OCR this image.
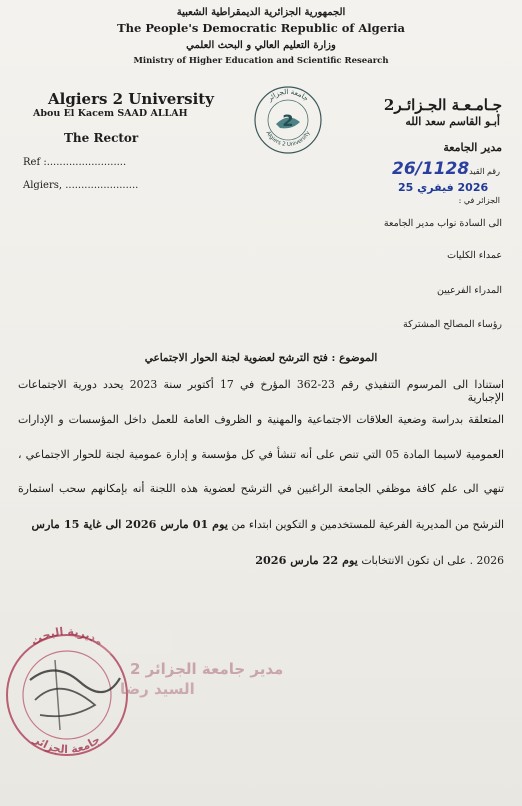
الجمهورية الجزائرية الديمقراطية الشعبية
The People's Democratic Republic of Algeria
وزارة التعليم العالي و البحث العلمي
Ministry of Higher Education and Scientific Research
Algiers 2 University
Abou El Kacem SAAD ALLAH
The Rector
Ref :.........................
Algiers, .......................
جامعة الجزائر
Algiers 2 University
2
جـامـعـة الجـزائـر2
أبـو القاسم سعد الله
مدير الجامعة
رقم القيد :
26/1128
2026 فيفري 25
الجزائر في :
الى السادة نواب مدير الجامعة
عمداء الكليات
المدراء الفرعيين
رؤساء المصالح المشتركة
الموضوع : فتح الترشح لعضوية لجنة الحوار الاجتماعي
استنادا الى المرسوم التنفيذي رقم 23-362 المؤرخ في 17 أكتوبر سنة 2023 يحدد دورية الاجتماعات الإجبارية
المتعلقة بدراسة وضعية العلاقات الاجتماعية والمهنية و الظروف العامة للعمل داخل المؤسسات و الإدارات
العمومية لاسيما المادة 05 التي تنص على أنه تنشأ في كل مؤسسة و إدارة عمومية لجنة للحوار الاجتماعي ،
تنهي الى علم كافة موظفي الجامعة الراغبين في الترشح لعضوية هذه اللجنة أنه بإمكانهم سحب استمارة
الترشح من المديرية الفرعية للمستخدمين و التكوين ابتداء من يوم 01 مارس 2026 الى غاية 15 مارس
2026 . على ان تكون الانتخابات يوم 22 مارس 2026
مديرية البحث
جامعة الجزائر
مدير جامعة الجزائر 2
السيد رضا
